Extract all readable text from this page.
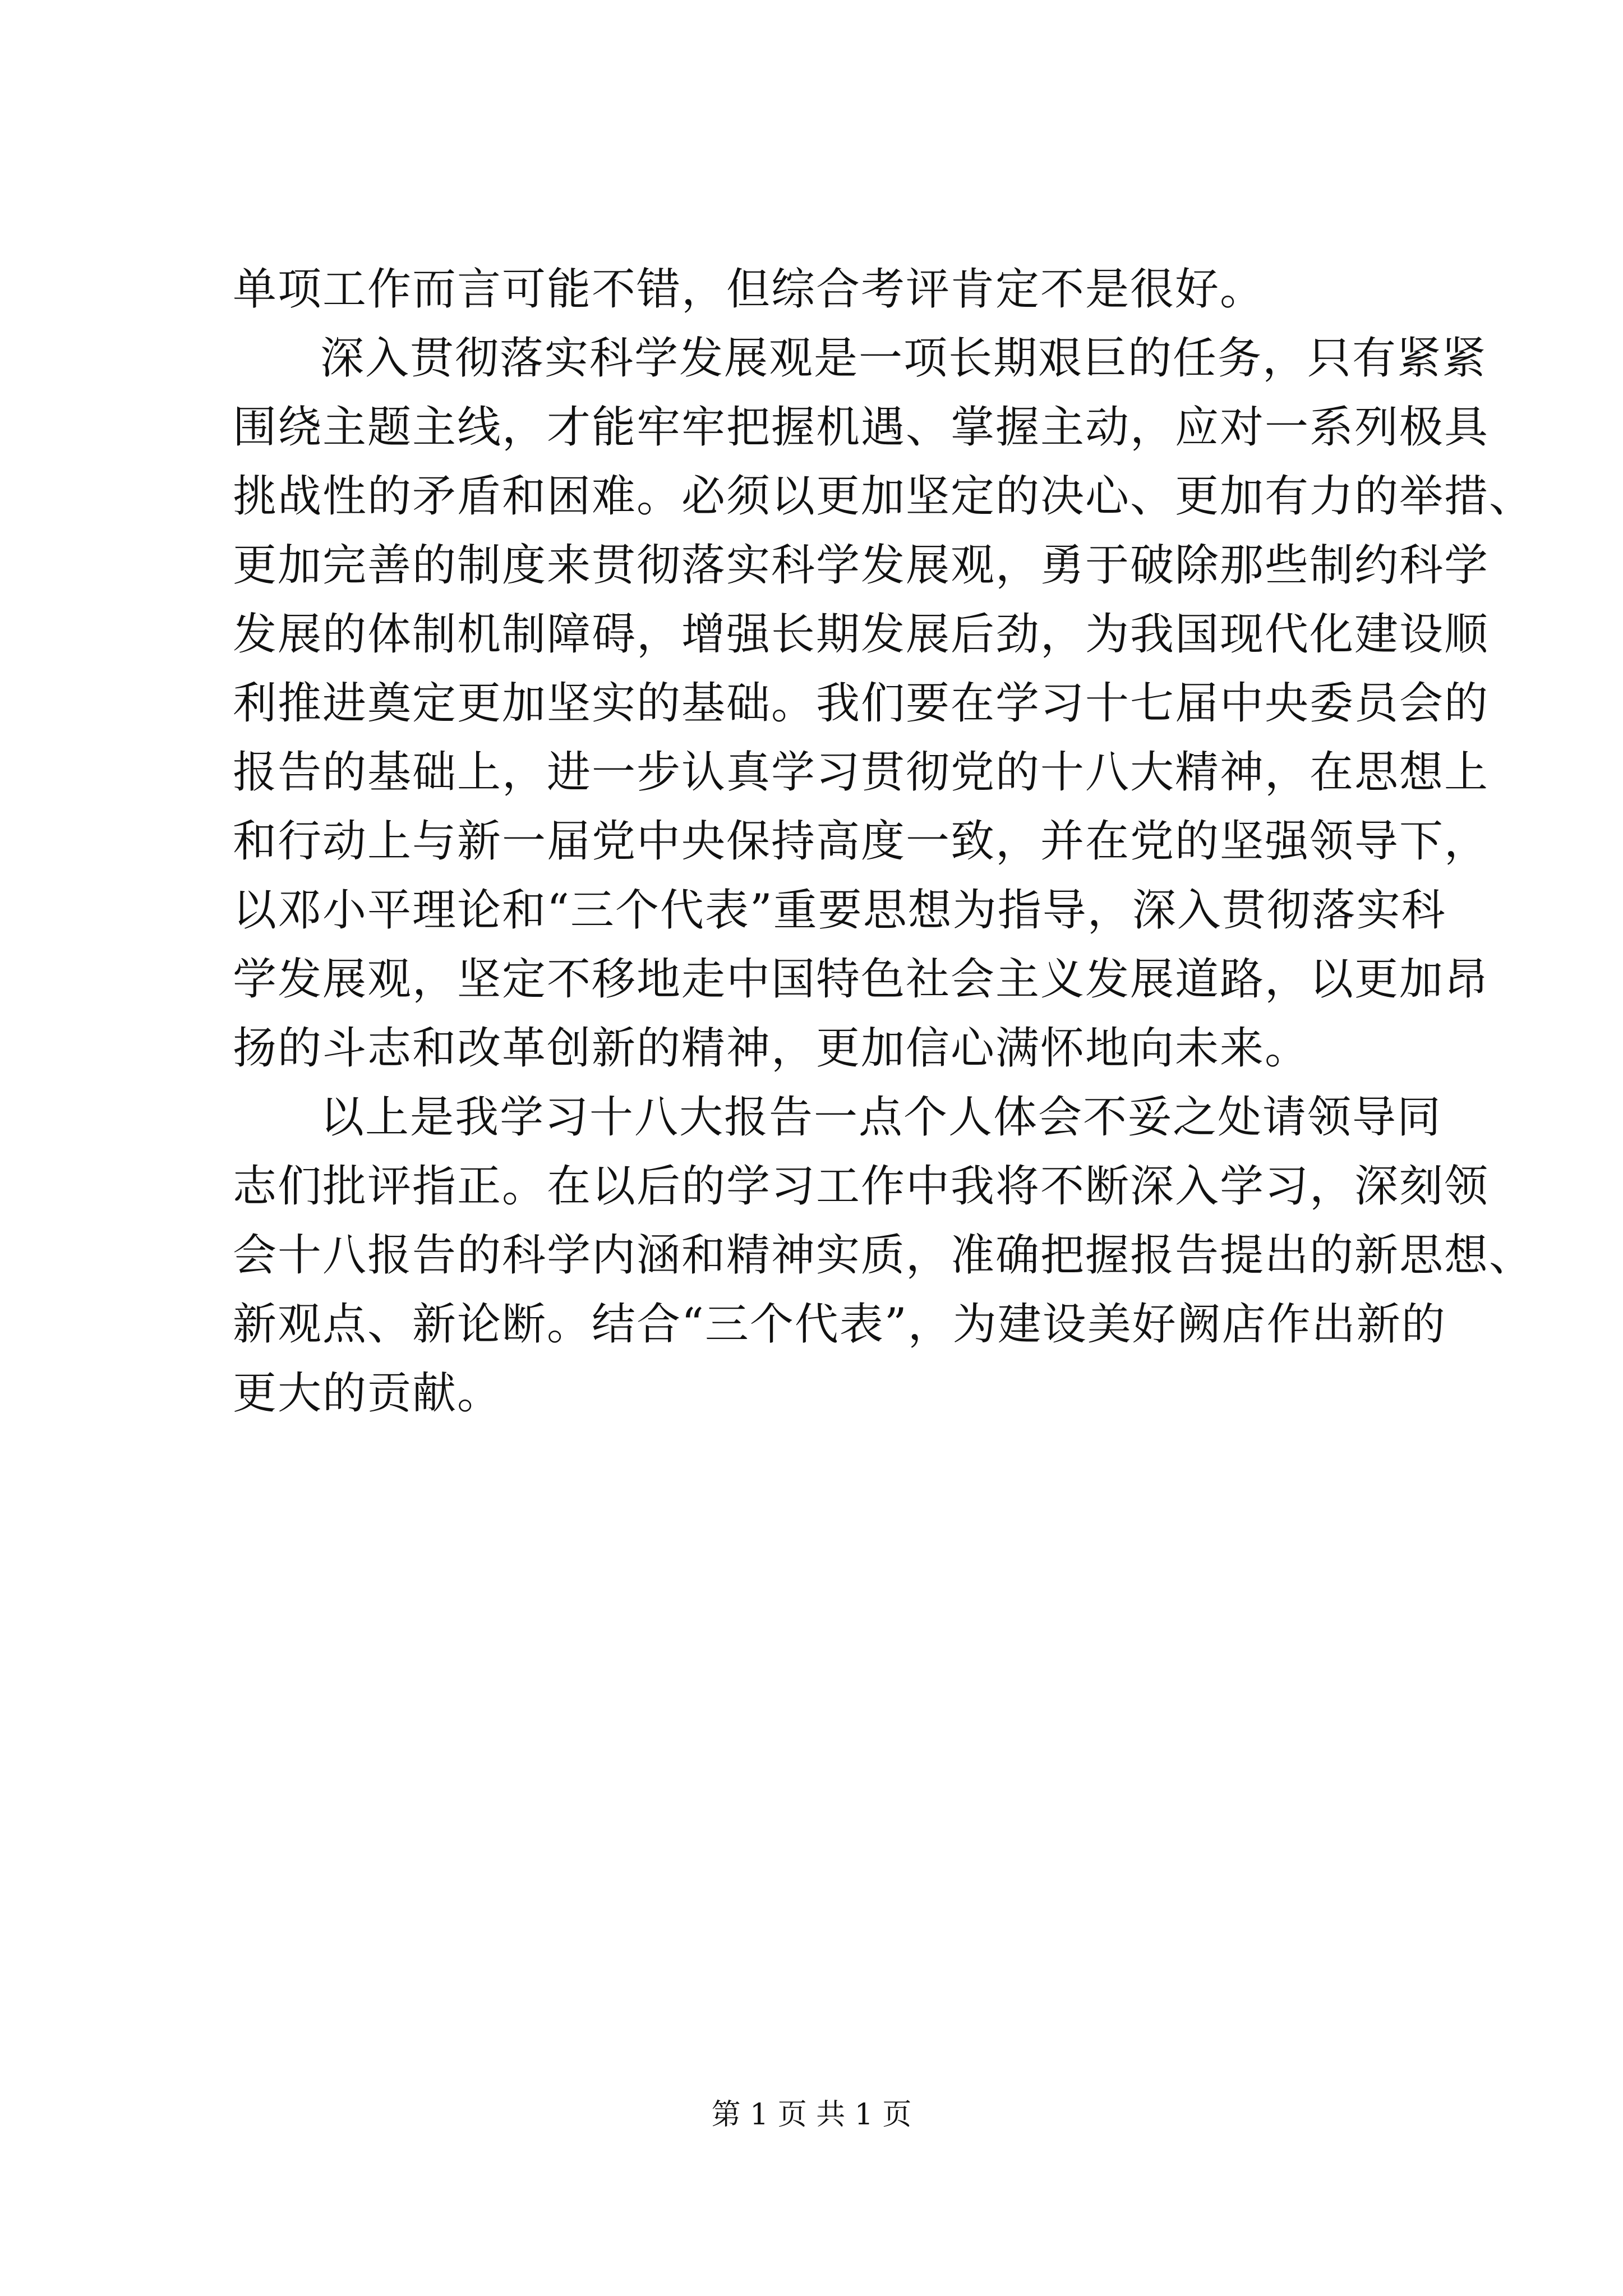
单项工作而言可能不错，但综合考评肯定不是很好。
深入贯彻落实科学发展观是一项长期艰巨的任务，只有紧紧
围绕主题主线，才能牢牢把握机遇、掌握主动，应对一系列极具
挑战性的矛盾和困难。必须以更加坚定的决心、更加有力的举措、
更加完善的制度来贯彻落实科学发展观，勇于破除那些制约科学
发展的体制机制障碍，增强长期发展后劲，为我国现代化建设顺
利推进奠定更加坚实的基础。我们要在学习十七届中央委员会的
报告的基础上，进一步认真学习贯彻党的十八大精神，在思想上
和行动上与新一届党中央保持高度一致，并在党的坚强领导下，
以邓小平理论和“三个代表”重要思想为指导，深入贯彻落实科
学发展观，坚定不移地走中国特色社会主义发展道路，以更加昂
扬的斗志和改革创新的精神，更加信心满怀地向未来。
以上是我学习十八大报告一点个人体会不妥之处请领导同
志们批评指正。在以后的学习工作中我将不断深入学习，深刻领
会十八报告的科学内涵和精神实质，准确把握报告提出的新思想、
新观点、新论断。结合“三个代表”，为建设美好阙店作出新的
更大的贡献。
第 1 页 共 1 页
